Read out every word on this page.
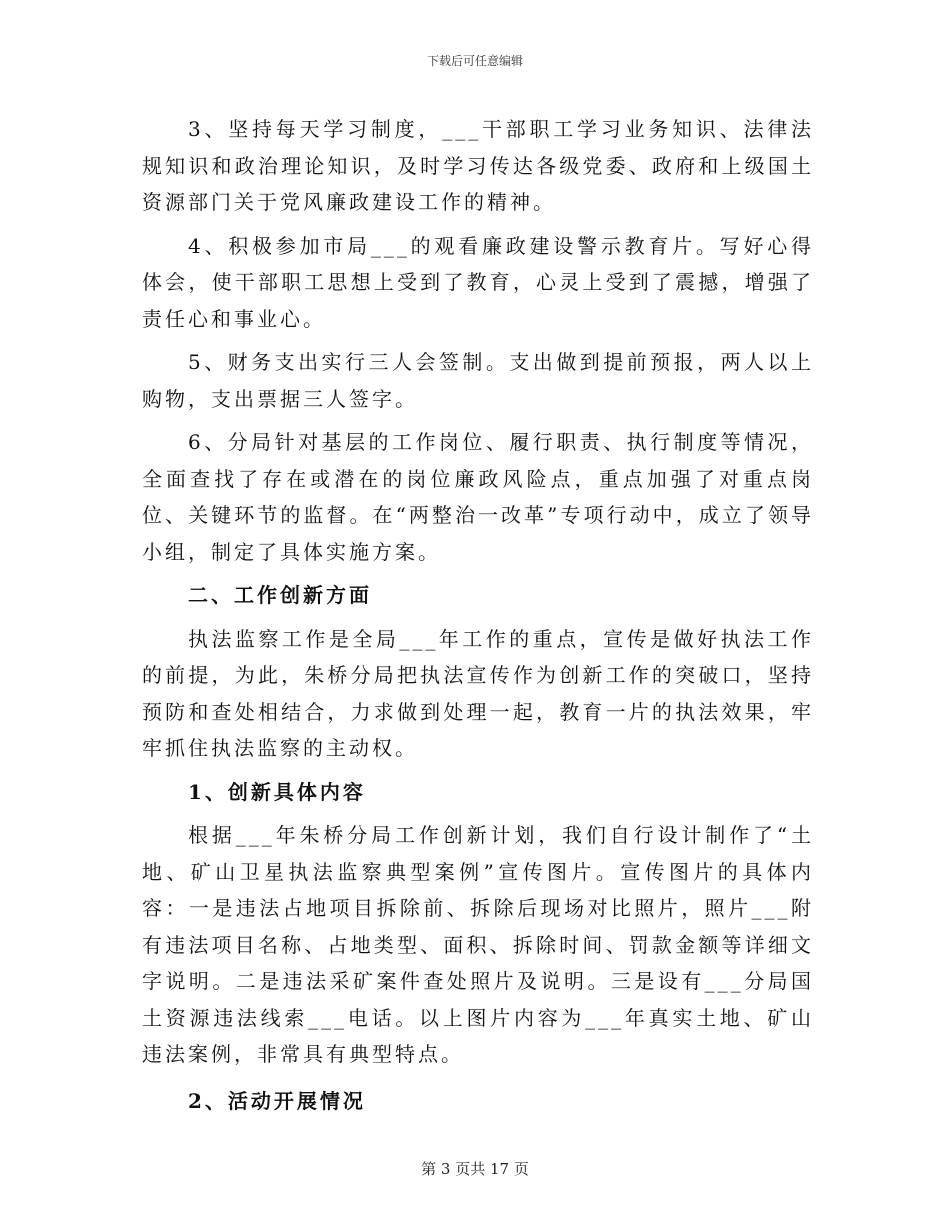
下载后可任意编辑

3、坚持每天学习制度，___干部职工学习业务知识、法律法规知识和政治理论知识，及时学习传达各级党委、政府和上级国土资源部门关于党风廉政建设工作的精神。

4、积极参加市局___的观看廉政建设警示教育片。写好心得体会，使干部职工思想上受到了教育，心灵上受到了震撼，增强了责任心和事业心。

5、财务支出实行三人会签制。支出做到提前预报，两人以上购物，支出票据三人签字。

6、分局针对基层的工作岗位、履行职责、执行制度等情况，全面查找了存在或潜在的岗位廉政风险点，重点加强了对重点岗位、关键环节的监督。在“两整治一改革”专项行动中，成立了领导小组，制定了具体实施方案。

二、工作创新方面

执法监察工作是全局___年工作的重点，宣传是做好执法工作的前提，为此，朱桥分局把执法宣传作为创新工作的突破口，坚持预防和查处相结合，力求做到处理一起，教育一片的执法效果，牢牢抓住执法监察的主动权。

1、创新具体内容

根据___年朱桥分局工作创新计划，我们自行设计制作了“土地、矿山卫星执法监察典型案例”宣传图片。宣传图片的具体内容：一是违法占地项目拆除前、拆除后现场对比照片，照片___附有违法项目名称、占地类型、面积、拆除时间、罚款金额等详细文字说明。二是违法采矿案件查处照片及说明。三是设有___分局国土资源违法线索___电话。以上图片内容为___年真实土地、矿山违法案例，非常具有典型特点。

2、活动开展情况

第 3 页共 17 页
